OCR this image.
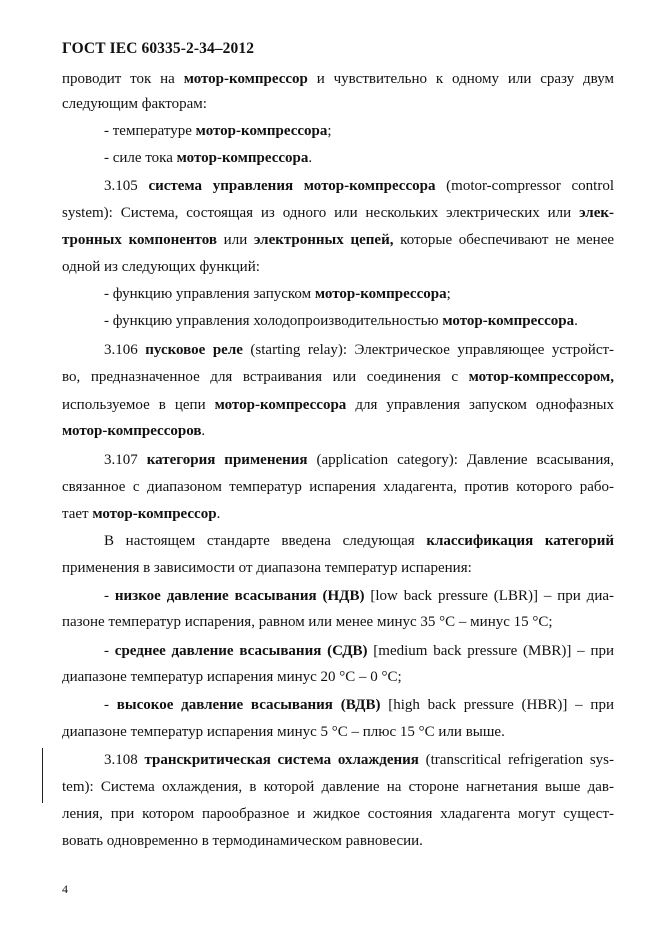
ГОСТ IEC 60335-2-34–2012
проводит ток на мотор-компрессор и чувствительно к одному или сразу двум
следующим факторам:
- температуре мотор-компрессора;
- силе тока мотор-компрессора.
3.105 система управления мотор-компрессора (motor-compressor control
system): Система, состоящая из одного или нескольких электрических или элек-
тронных компонентов или электронных цепей, которые обеспечивают не менее
одной из следующих функций:
- функцию управления запуском мотор-компрессора;
- функцию управления холодопроизводительностью мотор-компрессора.
3.106 пусковое реле (starting relay): Электрическое управляющее устройст-
во, предназначенное для встраивания или соединения с мотор-компрессором,
используемое в цепи мотор-компрессора для управления запуском однофазных
мотор-компрессоров.
3.107 категория применения (application category): Давление всасывания,
связанное с диапазоном температур испарения хладагента, против которого рабо-
тает мотор-компрессор.
В настоящем стандарте введена следующая классификация категорий
применения в зависимости от диапазона температур испарения:
- низкое давление всасывания (НДВ) [low back pressure (LBR)] – при диа-
пазоне температур испарения, равном или менее минус 35 °С – минус 15 °С;
- среднее давление всасывания (СДВ) [medium back pressure (MBR)] – при
диапазоне температур испарения минус 20 °С – 0 °С;
- высокое давление всасывания (ВДВ) [high back pressure (HBR)] – при
диапазоне температур испарения минус 5 °С – плюс 15 °С или выше.
3.108 транскритическая система охлаждения (transcritical refrigeration sys-
tem): Система охлаждения, в которой давление на стороне нагнетания выше дав-
ления, при котором парообразное и жидкое состояния хладагента могут сущест-
вовать одновременно в термодинамическом равновесии.
4
